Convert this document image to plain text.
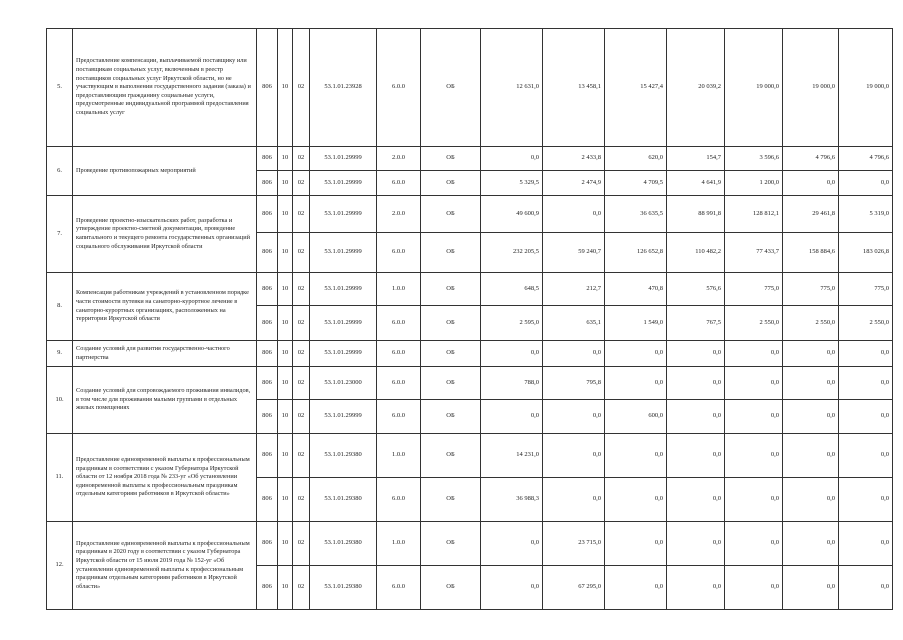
5.	Предоставление компенсации, выплачиваемой поставщику или поставщикам социальных услуг, включенным в реестр поставщиков социальных услуг Иркутской области, но не участвующим в выполнении государственного задания (заказа) и предоставляющим гражданину социальные услуги, предусмотренные индивидуальной программой предоставления социальных услуг	806	10	02	53.1.01.23928	6.0.0	ОБ	12 631,0	13 458,1	15 427,4	20 039,2	19 000,0	19 000,0	19 000,0
6.	Проведение противопожарных мероприятий	806	10	02	53.1.01.29999	2.0.0	ОБ	0,0	2 433,8	620,0	154,7	3 596,6	4 796,6	4 796,6
		806	10	02	53.1.01.29999	6.0.0	ОБ	5 329,5	2 474,9	4 709,5	4 641,9	1 200,0	0,0	0,0
7.	Проведение проектно-изыскательских работ, разработка и утверждение проектно-сметной документации, проведение капитального и текущего ремонта государственных организаций социального обслуживания Иркутской области	806	10	02	53.1.01.29999	2.0.0	ОБ	49 600,9	0,0	36 635,5	88 991,8	128 812,1	29 461,8	5 319,0
		806	10	02	53.1.01.29999	6.0.0	ОБ	232 205,5	59 240,7	126 652,8	110 482,2	77 433,7	158 884,6	183 026,8
8.	Компенсация работникам учреждений в установленном порядке части стоимости путевки на санаторно-курортное лечение в санаторно-курортных организациях, расположенных на территории Иркутской области	806	10	02	53.1.01.29999	1.0.0	ОБ	648,5	212,7	470,8	576,6	775,0	775,0	775,0
		806	10	02	53.1.01.29999	6.0.0	ОБ	2 595,0	635,1	1 549,0	767,5	2 550,0	2 550,0	2 550,0
9.	Создание условий для развития государственно-частного партнерства	806	10	02	53.1.01.29999	6.0.0	ОБ	0,0	0,0	0,0	0,0	0,0	0,0	0,0
10.	Создание условий для сопровождаемого проживания инвалидов, в том числе для проживания малыми группами в отдельных жилых помещениях	806	10	02	53.1.01.23000	6.0.0	ОБ	788,0	795,8	0,0	0,0	0,0	0,0	0,0
		806	10	02	53.1.01.29999	6.0.0	ОБ	0,0	0,0	600,0	0,0	0,0	0,0	0,0
11.	Предоставление единовременной выплаты к профессиональным праздникам в соответствии с указом Губернатора Иркутской области от 12 ноября 2018 года № 233-уг «Об установлении единовременной выплаты к профессиональным праздникам отдельным категориям работников в Иркутской области»	806	10	02	53.1.01.29380	1.0.0	ОБ	14 231,0	0,0	0,0	0,0	0,0	0,0	0,0
		806	10	02	53.1.01.29380	6.0.0	ОБ	36 988,3	0,0	0,0	0,0	0,0	0,0	0,0
12.	Предоставление единовременной выплаты к профессиональным праздникам в 2020 году в соответствии с указом Губернатора Иркутской области от 15 июля 2019 года № 152-уг «Об установлении единовременной выплаты к профессиональным праздникам отдельным категориям работников в Иркутской области»	806	10	02	53.1.01.29380	1.0.0	ОБ	0,0	23 715,0	0,0	0,0	0,0	0,0	0,0
		806	10	02	53.1.01.29380	6.0.0	ОБ	0,0	67 295,0	0,0	0,0	0,0	0,0	0,0
